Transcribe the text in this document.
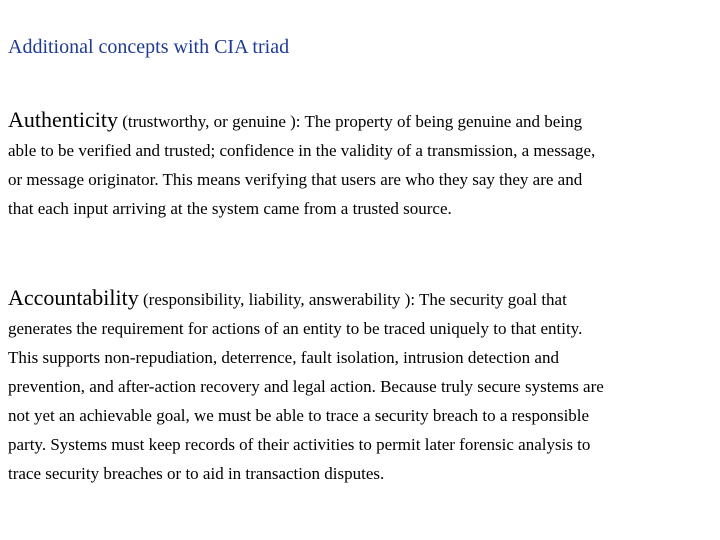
Additional concepts with CIA triad
Authenticity (trustworthy, or genuine ): The property of being genuine and being able to be verified and trusted; confidence in the validity of a transmission, a message, or message originator. This means verifying that users are who they say they are and that each input arriving at the system came from a trusted source.
Accountability (responsibility, liability, answerability ): The security goal that generates the requirement for actions of an entity to be traced uniquely to that entity. This supports non-repudiation, deterrence, fault isolation, intrusion detection and prevention, and after-action recovery and legal action. Because truly secure systems are not yet an achievable goal, we must be able to trace a security breach to a responsible party. Systems must keep records of their activities to permit later forensic analysis to trace security breaches or to aid in transaction disputes.
